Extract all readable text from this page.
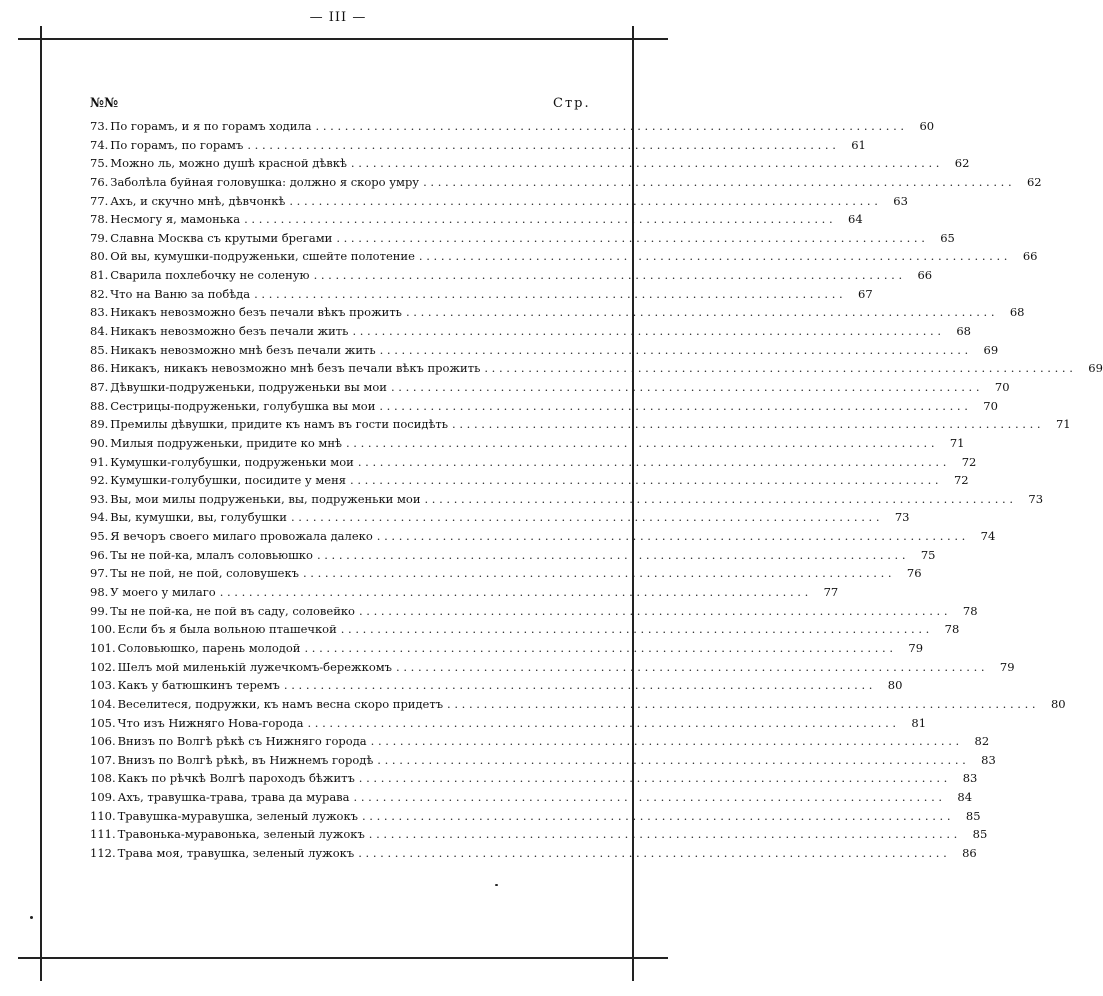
— III —
№№	Стр.
73. По горамъ, и я по горамъ ходила . . .	60
74. По горамъ, по горамъ . . .	61
75. Можно ль, можно душѣ красной дѣвкѣ . . .	62
76. Заболѣла буйная головушка: должно я скоро умру . . .	62
77. Ахъ, и скучно мнѣ, дѣвчонкѣ . . .	63
78. Несмогу я, мамонька . . .	64
79. Славна Москва съ крутыми брегами . . .	65
80. Ой вы, кумушки-подруженьки, сшейте полотение . . .	66
81. Сварила похлебочку не соленую . . .	66
82. Что на Ваню за побѣда . . .	67
83. Никакъ невозможно безъ печали вѣкъ прожить . . .	68
84. Никакъ невозможно безъ печали жить . . .	68
85. Никакъ невозможно мнѣ безъ печали жить . . .	69
86. Никакъ, никакъ невозможно мнѣ безъ печали вѣкъ прожить . . .	69
87. Дѣвушки-подруженьки, подруженьки вы мои . . .	70
88. Сестрицы-подруженьки, голубушка вы мои . . .	70
89. Премилы дѣвушки, придите къ намъ въ гости посидѣть . . .	71
90. Милыя подруженьки, придите ко мнѣ . . .	71
91. Кумушки-голубушки, подруженьки мои . . .	72
92. Кумушки-голубушки, посидите у меня . . .	72
93. Вы, мои милы подруженьки, вы, подруженьки мои . . .	73
94. Вы, кумушки, вы, голубушки . . .	73
95. Я вечоръ своего милаго провожала далеко . . .	74
96. Ты не пой-ка, млалъ соловьюшко . . .	75
97. Ты не пой, не пой, соловушекъ . . .	76
98. У моего у милаго . . .	77
99. Ты не пой-ка, не пой въ саду, соловейко . . .	78
100. Если бъ я была вольною пташечкой . . .	78
101. Соловьюшко, парень молодой . . .	79
102. Шелъ мой миленькій лужечкомъ-бережкомъ . . .	79
103. Какъ у батюшкинъ теремъ . . .	80
104. Веселитеся, подружки, къ намъ весна скоро придетъ . . .	80
105. Что изъ Нижняго Нова-города . . .	81
106. Внизъ по Волгѣ рѣкѣ съ Нижняго города . . .	82
107. Внизъ по Волгѣ рѣкѣ, въ Нижнемъ городѣ . . .	83
108. Какъ по рѣчкѣ Волгѣ пароходъ бѣжитъ . . .	83
109. Ахъ, травушка-трава, трава да мурава . . .	84
110. Травушка-муравушка, зеленый лужокъ . . .	85
111. Травонька-муравонька, зеленый лужокъ . . .	85
112. Трава моя, травушка, зеленый лужокъ . . .	86
